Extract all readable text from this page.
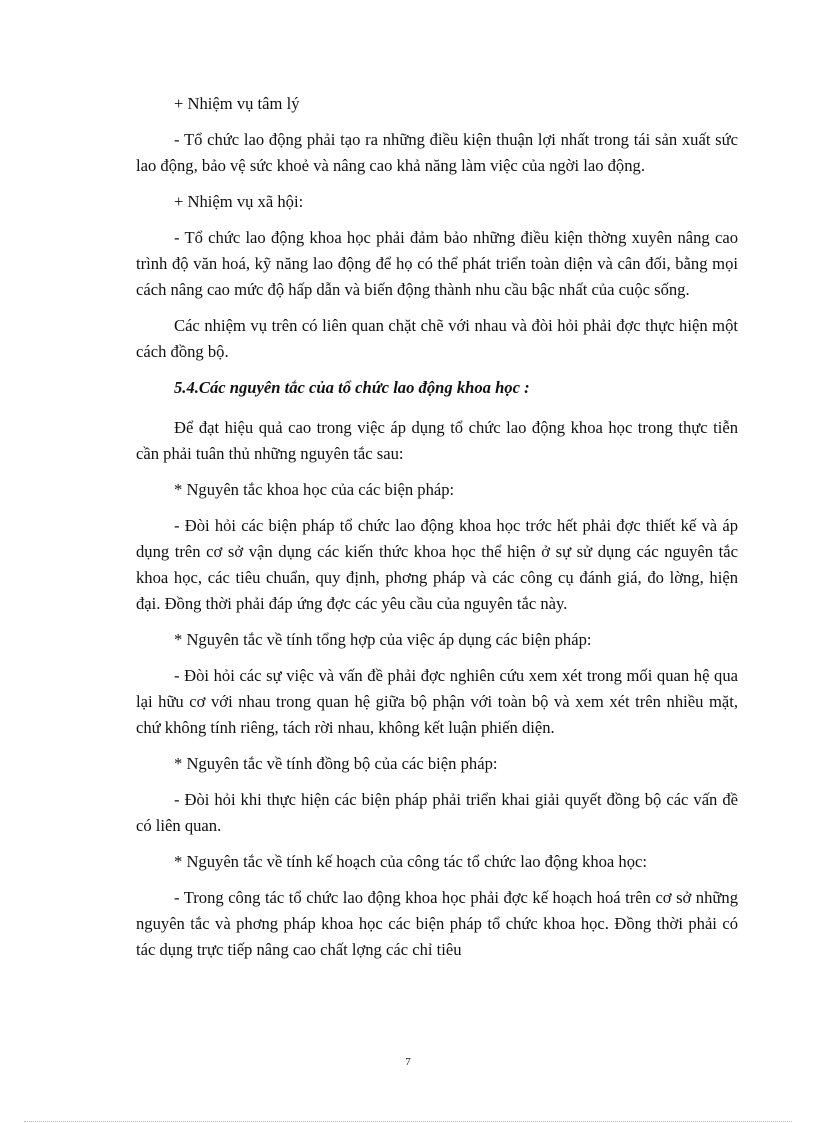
+ Nhiệm vụ tâm lý

- Tổ chức lao động phải tạo ra những điều kiện thuận lợi nhất trong tái sản xuất sức lao động, bảo vệ sức khoẻ và nâng cao khả năng làm việc của ngời lao động.

+ Nhiệm vụ xã hội:

- Tổ chức lao động khoa học phải đảm bảo những điều kiện thờng xuyên nâng cao trình độ văn hoá, kỹ năng lao động để họ có thể phát triển toàn diện và cân đối, bằng mọi cách nâng cao mức độ hấp dẫn và biến động thành nhu cầu bậc nhất của cuộc sống.

Các nhiệm vụ trên có liên quan chặt chẽ với nhau và đòi hỏi phải đợc thực hiện một cách đồng bộ.

5.4.Các nguyên tắc của tổ chức lao động khoa học :

Để đạt hiệu quả cao trong việc áp dụng tổ chức lao động khoa học trong thực tiễn cần phải tuân thủ những nguyên tắc sau:

* Nguyên tắc khoa học của các biện pháp:

- Đòi hỏi các biện pháp tổ chức lao động khoa học trớc hết phải đợc thiết kế và áp dụng trên cơ sở vận dụng các kiến thức khoa học thể hiện ở sự sử dụng các nguyên tắc khoa học, các tiêu chuẩn, quy định, phơng pháp và các công cụ đánh giá, đo lờng, hiện đại. Đồng thời phải đáp ứng đợc các yêu cầu của nguyên tắc này.

* Nguyên tắc về tính tổng hợp của việc áp dụng các biện pháp:

- Đòi hỏi các sự việc và vấn đề phải đợc nghiên cứu xem xét trong mối quan hệ qua lại hữu cơ với nhau trong quan hệ giữa bộ phận với toàn bộ và xem xét trên nhiều mặt, chứ không tính riêng, tách rời nhau, không kết luận phiến diện.

* Nguyên tắc về tính đồng bộ của các biện pháp:

- Đòi hỏi khi thực hiện các biện pháp phải triển khai giải quyết đồng bộ các vấn đề có liên quan.

* Nguyên tắc về tính kế hoạch của công tác tổ chức lao động khoa học:

- Trong công tác tổ chức lao động khoa học phải đợc kế hoạch hoá trên cơ sở những nguyên tắc và phơng pháp khoa học các biện pháp tổ chức khoa học. Đồng thời phải có tác dụng trực tiếp nâng cao chất lợng các chỉ tiêu

7
